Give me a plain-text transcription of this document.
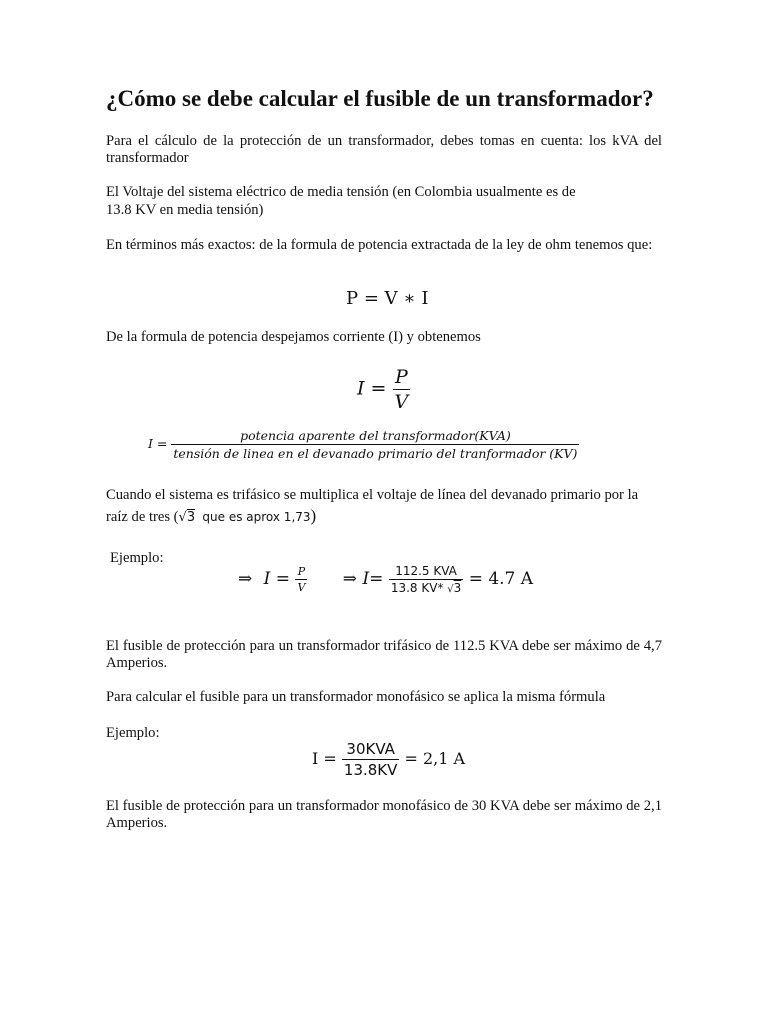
¿Cómo se debe calcular el fusible de un transformador?

Para el cálculo de la protección de un transformador, debes tomas en cuenta: los kVA del transformador

El Voltaje del sistema eléctrico de media tensión (en Colombia usualmente es de

13.8 KV en media tensión)

En términos más exactos: de la formula de potencia extractada de la ley de ohm tenemos que:

P = V ∗ I

De la formula de potencia despejamos corriente (I) y obtenemos

$I = \frac{P}{V}$
I =
potencia aparente del transformador(KVA)
tensión de linea en el devanado primario del tranformador (KV)

Cuando el sistema es trifásico se multiplica el voltaje de línea del devanado primario por la

raíz de tres (√3 que es aprox 1,73)

Ejemplo:

⇒ $I = \frac{P}{V}$ ⇒ $I= \frac{\text{112.5 KVA}}{13.8 KV* √3} = 4.7$ A

El fusible de protección para un transformador trifásico de 112.5 KVA debe ser máximo de 4,7 Amperios.

Para calcular el fusible para un transformador monofásico se aplica la misma fórmula

Ejemplo:

$I = \frac{\text{30KVA}}{13.8KV} = 2,1$ A

El fusible de protección para un transformador monofásico de 30 KVA debe ser máximo de 2,1 Amperios.
